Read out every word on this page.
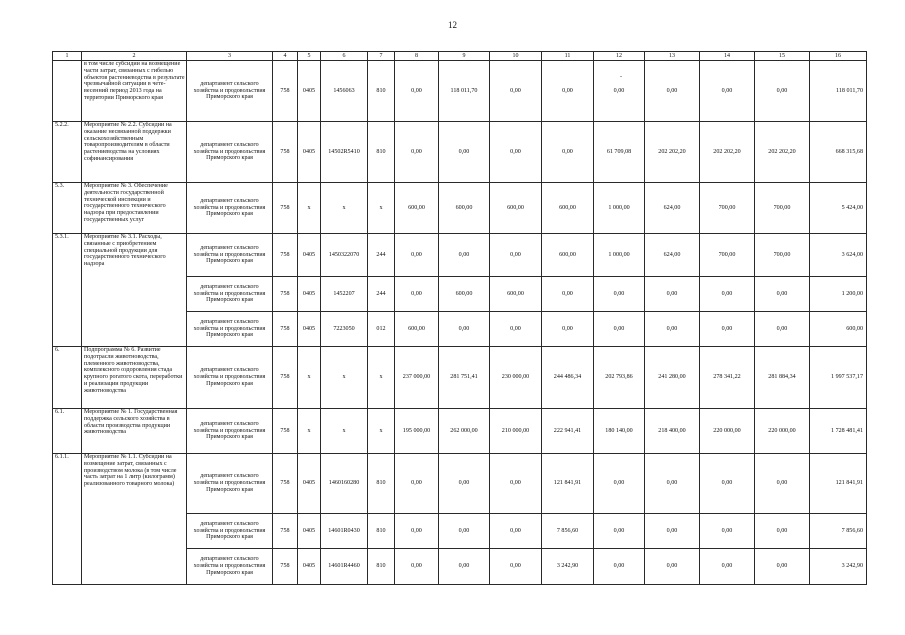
12
-
1	2	3	4	5	6	7	8	9	10	11	12	13	14	15	16
	в том числе субсидии на возмещение части затрат, связанных с гибелью объектов растениеводства в результате чрезвычайной ситуации в чете-весенний период 2013 года на территории Приморского края	департамент сельского хозяйства и продовольствия Приморского края	758	0405	1456063	810	0,00	118 011,70	0,00	0,00	0,00	0,00	0,00	0,00	118 011,70
5.2.2.	Мероприятие № 2.2. Субсидии на оказание несвязанной поддержки сельскохозяйственным товаропроизводителям в области растениеводства на условиях софинансирования	департамент сельского хозяйства и продовольствия Приморского края	758	0405	14502R5410	810	0,00	0,00	0,00	0,00	61 709,08	202 202,20	202 202,20	202 202,20	668 315,68
5.3.	Мероприятие № 3. Обеспечение деятельности государственной технической инспекции и государственного технического надзора при предоставлении государственных услуг	департамент сельского хозяйства и продовольствия Приморского края	758	х	х	х	600,00	600,00	600,00	600,00	1 000,00	624,00	700,00	700,00	5 424,00
5.3.1.	Мероприятие № 3.1. Расходы, связанные с приобретением специальной продукции для государственного технического надзора	департамент сельского хозяйства и продовольствия Приморского края	758	0405	1450322070	244	0,00	0,00	0,00	600,00	1 000,00	624,00	700,00	700,00	3 624,00
		департамент сельского хозяйства и продовольствия Приморского края	758	0405	1452207	244	0,00	600,00	600,00	0,00	0,00	0,00	0,00	0,00	1 200,00
		департамент сельского хозяйства и продовольствия Приморского края	758	0405	7223050	012	600,00	0,00	0,00	0,00	0,00	0,00	0,00	0,00	600,00
6.	Подпрограмма № 6. Развитие подотрасли животноводства, племенного животноводства, комплексного оздоровления стада крупного рогатого скота, переработки и реализации продукции животноводства	департамент сельского хозяйства и продовольствия Приморского края	758	х	х	х	237 000,00	281 751,41	230 000,00	244 486,34	202 793,86	241 280,00	278 341,22	281 884,34	1 997 537,17
6.1.	Мероприятие № 1. Государственная поддержка сельского хозяйства в области производства продукции животноводства	департамент сельского хозяйства и продовольствия Приморского края	758	х	х	х	195 000,00	262 000,00	210 000,00	222 941,41	180 140,00	218 400,00	220 000,00	220 000,00	1 728 481,41
6.1.1.	Мероприятие № 1.1. Субсидии на возмещение затрат, связанных с производством молока (в том числе часть затрат на 1 литр (килограмм) реализованного товарного молока)	департамент сельского хозяйства и продовольствия Приморского края	758	0405	1460160280	810	0,00	0,00	0,00	121 841,91	0,00	0,00	0,00	0,00	121 841,91
		департамент сельского хозяйства и продовольствия Приморского края	758	0405	14601R0430	810	0,00	0,00	0,00	7 856,60	0,00	0,00	0,00	0,00	7 856,60
		департамент сельского хозяйства и продовольствия Приморского края	758	0405	14601R4460	810	0,00	0,00	0,00	3 242,90	0,00	0,00	0,00	0,00	3 242,90
